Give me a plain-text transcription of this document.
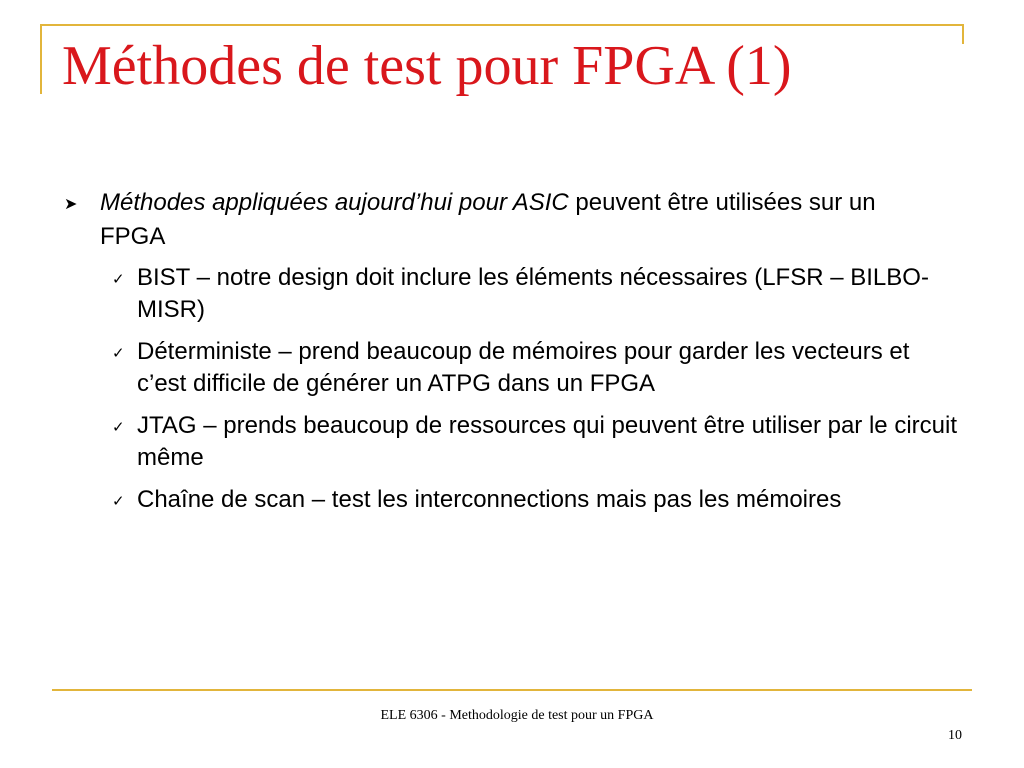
Méthodes de test pour FPGA (1)
➤ Méthodes appliquées aujourd’hui pour ASIC peuvent être utilisées sur un FPGA
✓ BIST – notre design doit inclure les éléments nécessaires (LFSR – BILBO-MISR)
✓ Déterministe – prend beaucoup de mémoires pour garder les vecteurs et c’est difficile de générer un ATPG dans un FPGA
✓ JTAG – prends beaucoup de ressources qui peuvent être utiliser par le circuit même
✓ Chaîne de scan – test les interconnections mais pas les mémoires
ELE 6306 - Methodologie de test pour un FPGA
10
